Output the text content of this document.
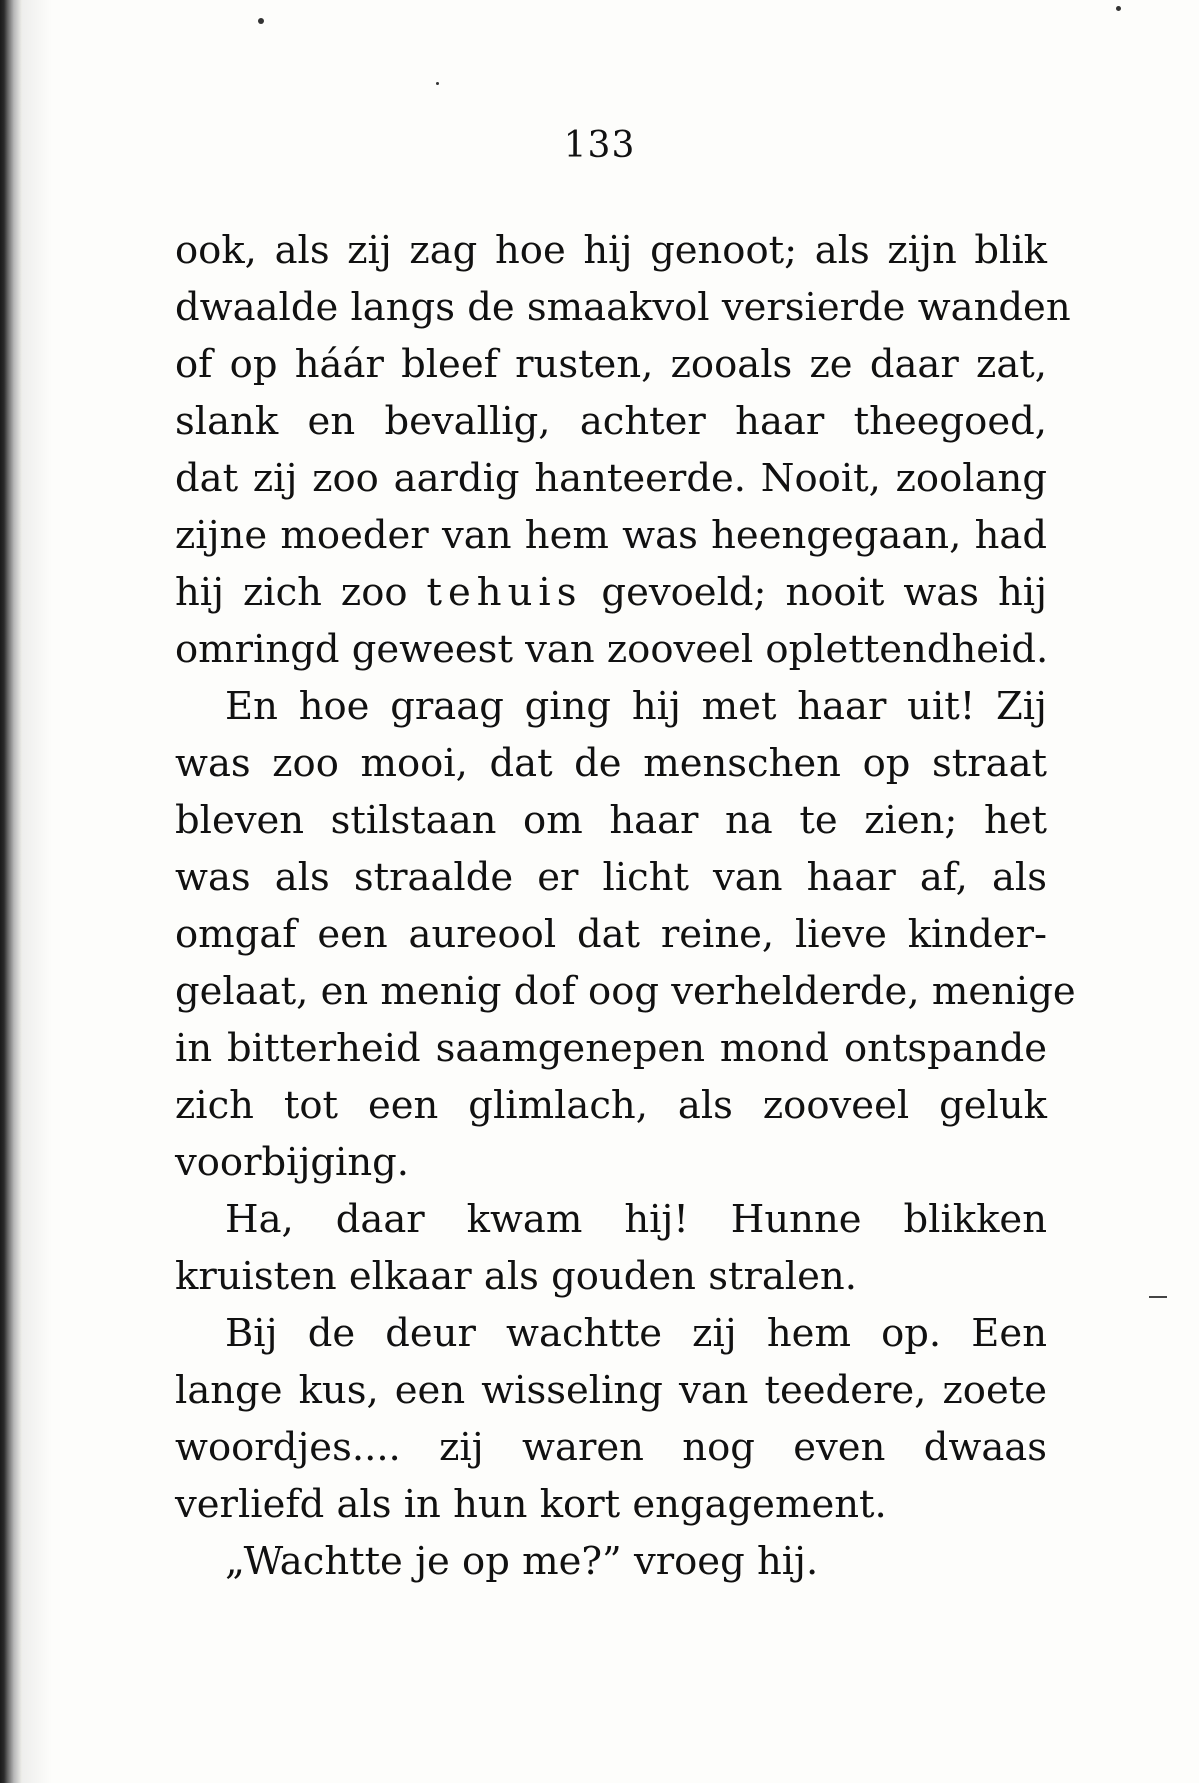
133
ook, als zij zag hoe hij genoot; als zijn blik
dwaalde langs de smaakvol versierde wanden
of op háár bleef rusten, zooals ze daar zat,
slank en bevallig, achter haar theegoed,
dat zij zoo aardig hanteerde. Nooit, zoolang
zijne moeder van hem was heengegaan, had
hij zich zoo tehuis gevoeld; nooit was hij
omringd geweest van zooveel oplettendheid.
En hoe graag ging hij met haar uit! Zij
was zoo mooi, dat de menschen op straat
bleven stilstaan om haar na te zien; het
was als straalde er licht van haar af, als
omgaf een aureool dat reine, lieve kinder-
gelaat, en menig dof oog verhelderde, menige
in bitterheid saamgenepen mond ontspande
zich tot een glimlach, als zooveel geluk
voorbijging.
Ha, daar kwam hij! Hunne blikken
kruisten elkaar als gouden stralen.
Bij de deur wachtte zij hem op. Een
lange kus, een wisseling van teedere, zoete
woordjes.... zij waren nog even dwaas
verliefd als in hun kort engagement.
„Wachtte je op me?” vroeg hij.
